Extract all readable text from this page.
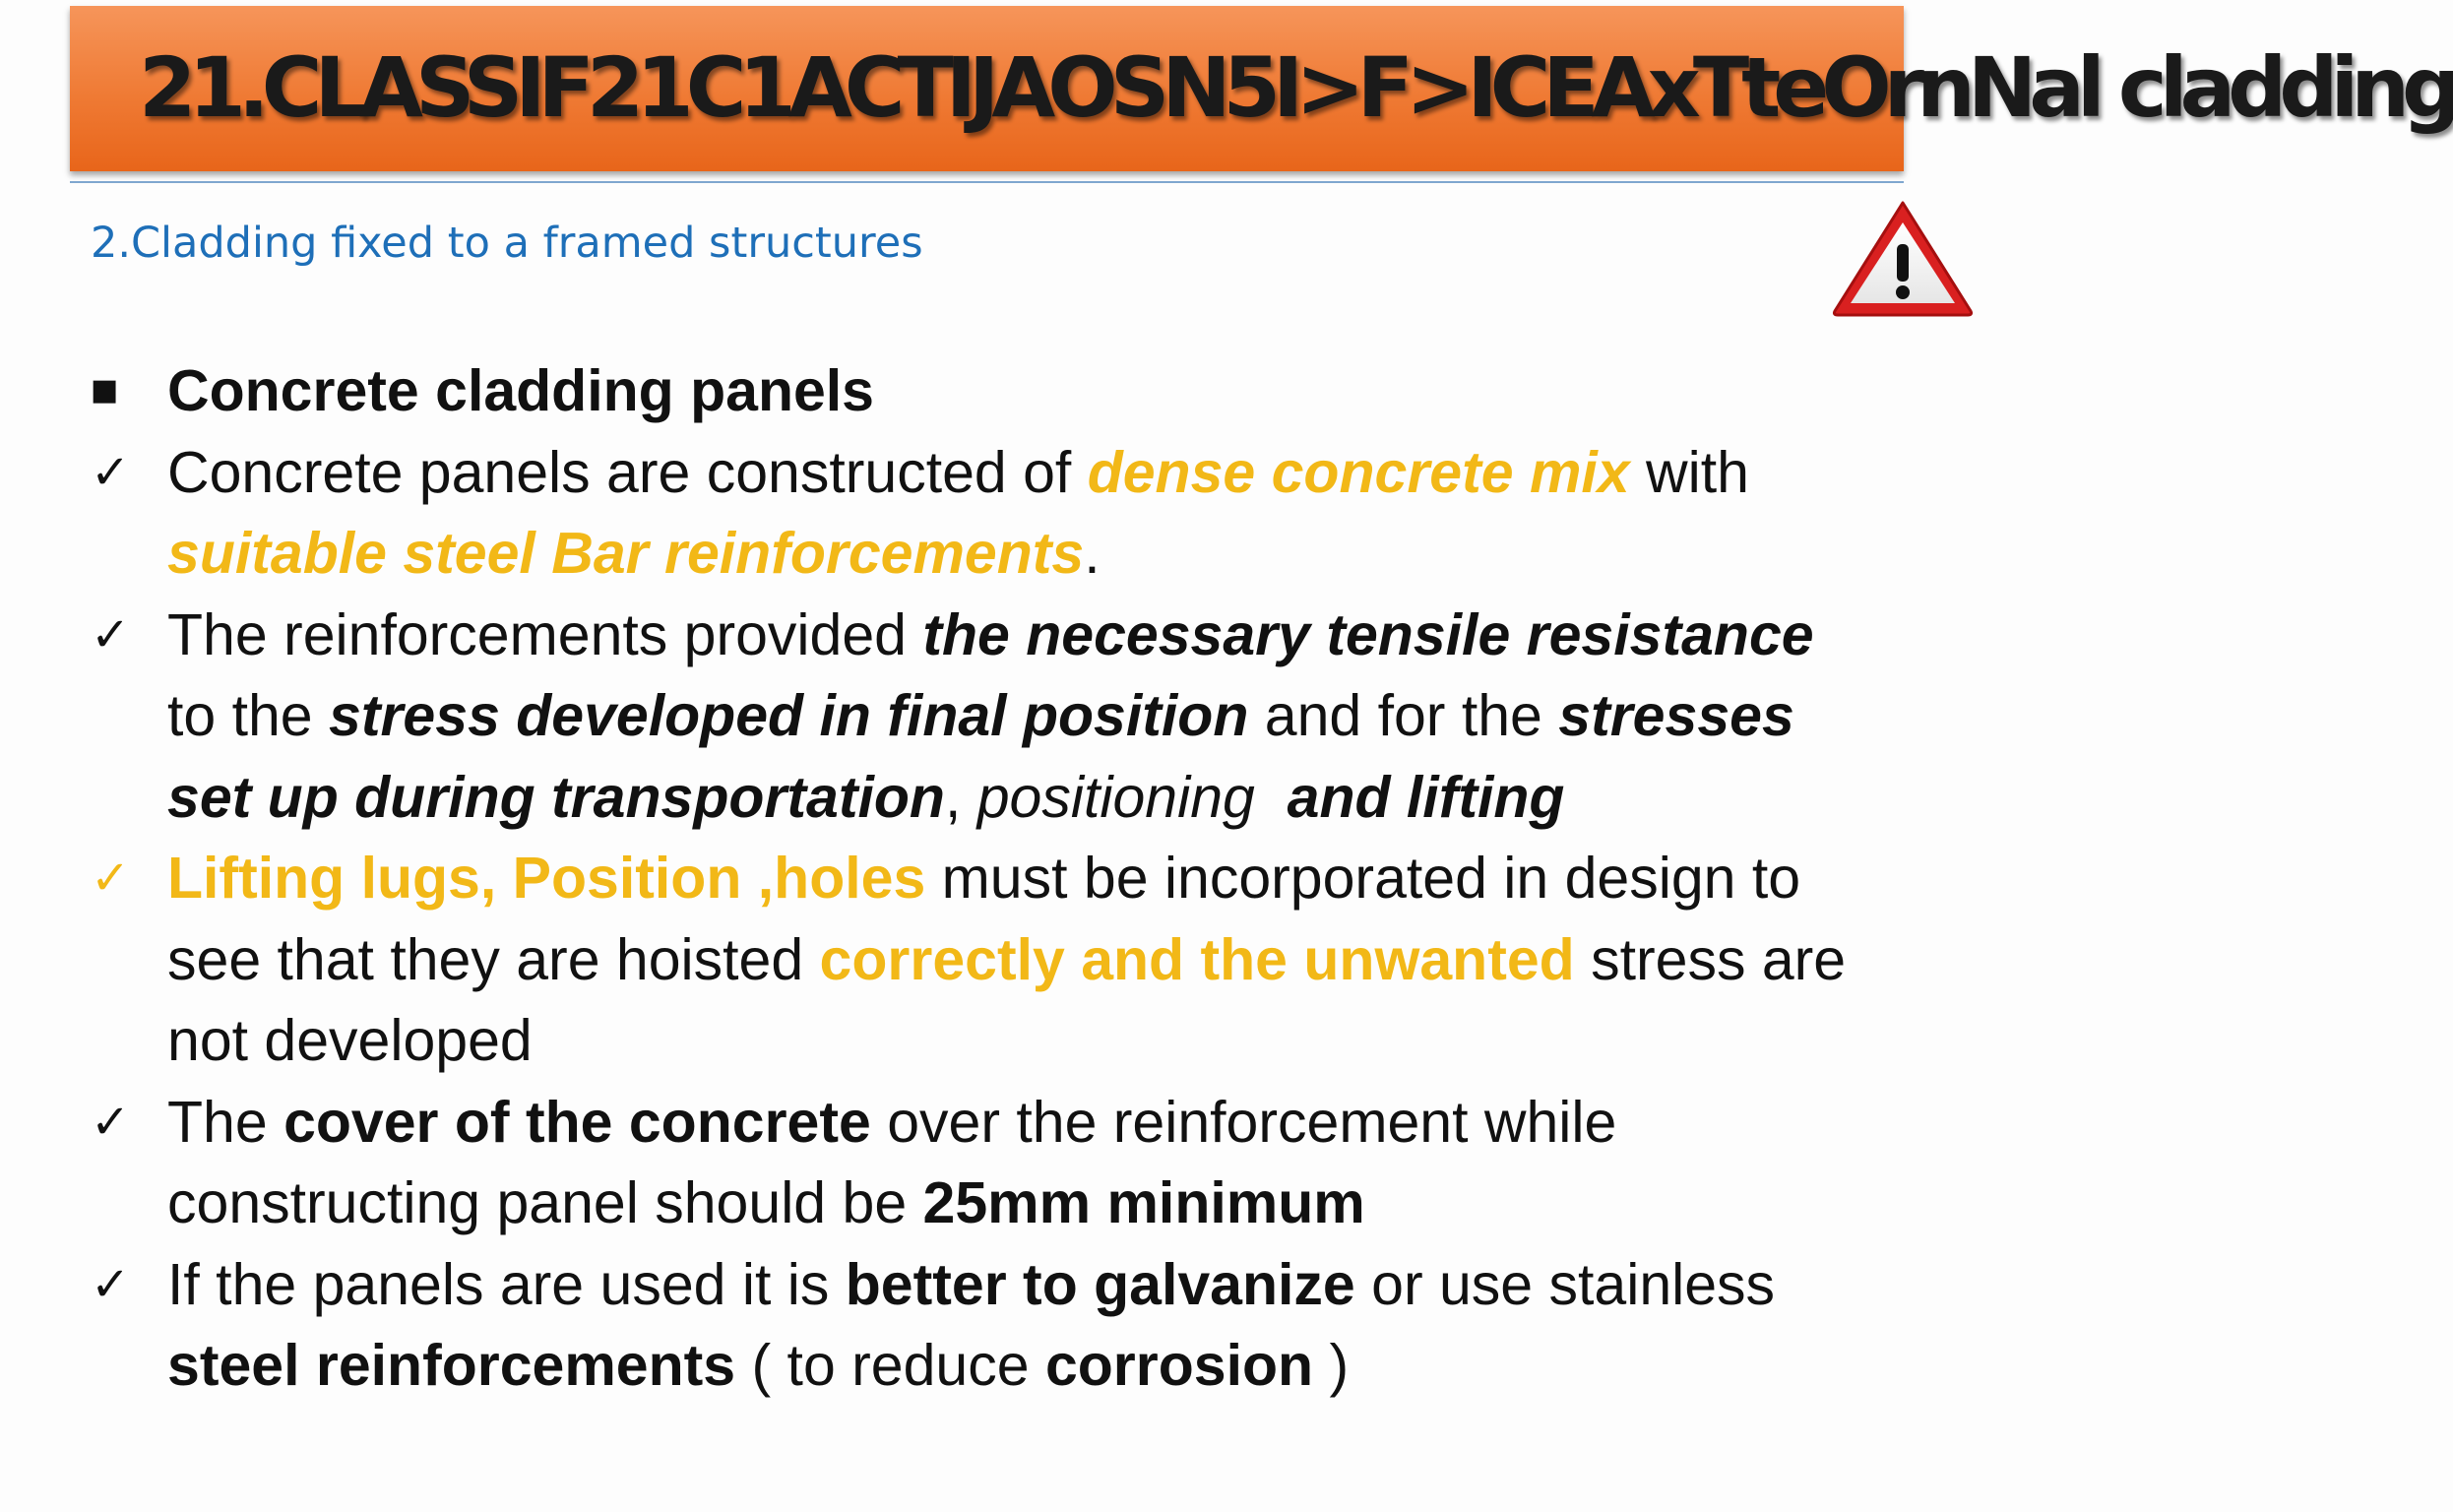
21.CLASSIF21C1ACTIJAOSN5I>F>ICEAxTteOrnNal cladding
2.Cladding fixed to a framed structures
■ Concrete cladding panels
✓ Concrete panels are constructed of dense concrete mix with suitable steel Bar reinforcements.
✓ The reinforcements provided the necessary tensile resistance to the stress developed in final position and for the stresses set up during transportation, positioning and lifting
✓ Lifting lugs, Position ,holes must be incorporated in design to see that they are hoisted correctly and the unwanted stress are not developed
✓ The cover of the concrete over the reinforcement while constructing panel should be 25mm minimum
✓ If the panels are used it is better to galvanize or use stainless steel reinforcements ( to reduce corrosion )
